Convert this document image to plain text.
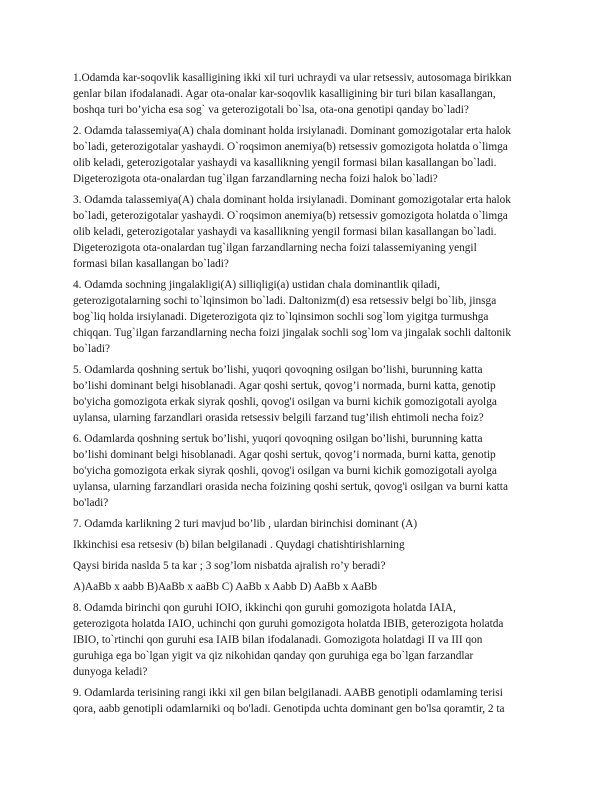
1.Odamda kar-soqovlik kasalligining ikki xil turi uchraydi va ular retsessiv, autosomaga birikkan
genlar bilan ifodalanadi. Agar ota-onalar kar-soqovlik kasalligining bir turi bilan kasallangan,
boshqa turi bo’yicha esa sog` va geterozigotali bo`lsa, ota-ona genotipi qanday bo`ladi?

2. Odamda talassemiya(A) chala dominant holda irsiylanadi. Dominant gomozigotalar erta halok
bo`ladi, geterozigotalar yashaydi. O`roqsimon anemiya(b) retsessiv gomozigota holatda o`limga
olib keladi, geterozigotalar yashaydi va kasallikning yengil formasi bilan kasallangan bo`ladi.
Digeterozigota ota-onalardan tug`ilgan farzandlarning necha foizi halok bo`ladi?

3. Odamda talassemiya(A) chala dominant holda irsiylanadi. Dominant gomozigotalar erta halok
bo`ladi, geterozigotalar yashaydi. O`roqsimon anemiya(b) retsessiv gomozigota holatda o`limga
olib keladi, geterozigotalar yashaydi va kasallikning yengil formasi bilan kasallangan bo`ladi.
Digeterozigota ota-onalardan tug`ilgan farzandlarning necha foizi talassemiyaning yengil
formasi bilan kasallangan bo`ladi?

4. Odamda sochning jingalakligi(A) silliqligi(a) ustidan chala dominantlik qiladi,
geterozigotalarning sochi to`lqinsimon bo`ladi. Daltonizm(d) esa retsessiv belgi bo`lib, jinsga
bog`liq holda irsiylanadi. Digeterozigota qiz to`lqinsimon sochli sog`lom yigitga turmushga
chiqqan. Tug`ilgan farzandlarning necha foizi jingalak sochli sog`lom va jingalak sochli daltonik
bo`ladi?

5. Odamlarda qoshning sertuk bo’lishi, yuqori qovoqning osilgan bo’lishi, burunning katta
bo’lishi dominant belgi hisoblanadi. Agar qoshi sertuk, qovog’i normada, burni katta, genotip
bo'yicha gomozigota erkak siyrak qoshli, qovog'i osilgan va burni kichik gomozigotali ayolga
uylansa, ularning farzandlari orasida retsessiv belgili farzand tug’ilish ehtimoli necha foiz?

6. Odamlarda qoshning sertuk bo’lishi, yuqori qovoqning osilgan bo’lishi, burunning katta
bo’lishi dominant belgi hisoblanadi. Agar qoshi sertuk, qovog’i normada, burni katta, genotip
bo'yicha gomozigota erkak siyrak qoshli, qovog'i osilgan va burni kichik gomozigotali ayolga
uylansa, ularning farzandlari orasida necha foizining qoshi sertuk, qovog'i osilgan va burni katta
bo'ladi?

7. Odamda karlikning 2 turi mavjud bo’lib , ulardan birinchisi dominant (A)

Ikkinchisi esa retsesiv (b) bilan belgilanadi . Quydagi chatishtirishlarning

Qaysi birida naslda 5 ta kar ; 3 sog’lom nisbatda ajralish ro’y beradi?

A)AaBb x aabb B)AaBb x aaBb C) AaBb x Aabb D) AaBb x AaBb

8. Odamda birinchi qon guruhi IOIO, ikkinchi qon guruhi gomozigota holatda IAIA,
geterozigota holatda IAIO, uchinchi qon guruhi gomozigota holatda IBIB, geterozigota holatda
IBIO, to`rtinchi qon guruhi esa IAIB bilan ifodalanadi. Gomozigota holatdagi II va III qon
guruhiga ega bo`lgan yigit va qiz nikohidan qanday qon guruhiga ega bo`lgan farzandlar
dunyoga keladi?

9. Odamlarda terisining rangi ikki xil gen bilan belgilanadi. AABB genotipli odamlaming terisi
qora, aabb genotipli odamlarniki oq bo'ladi. Genotipda uchta dominant gen bo'lsa qoramtir, 2 ta
